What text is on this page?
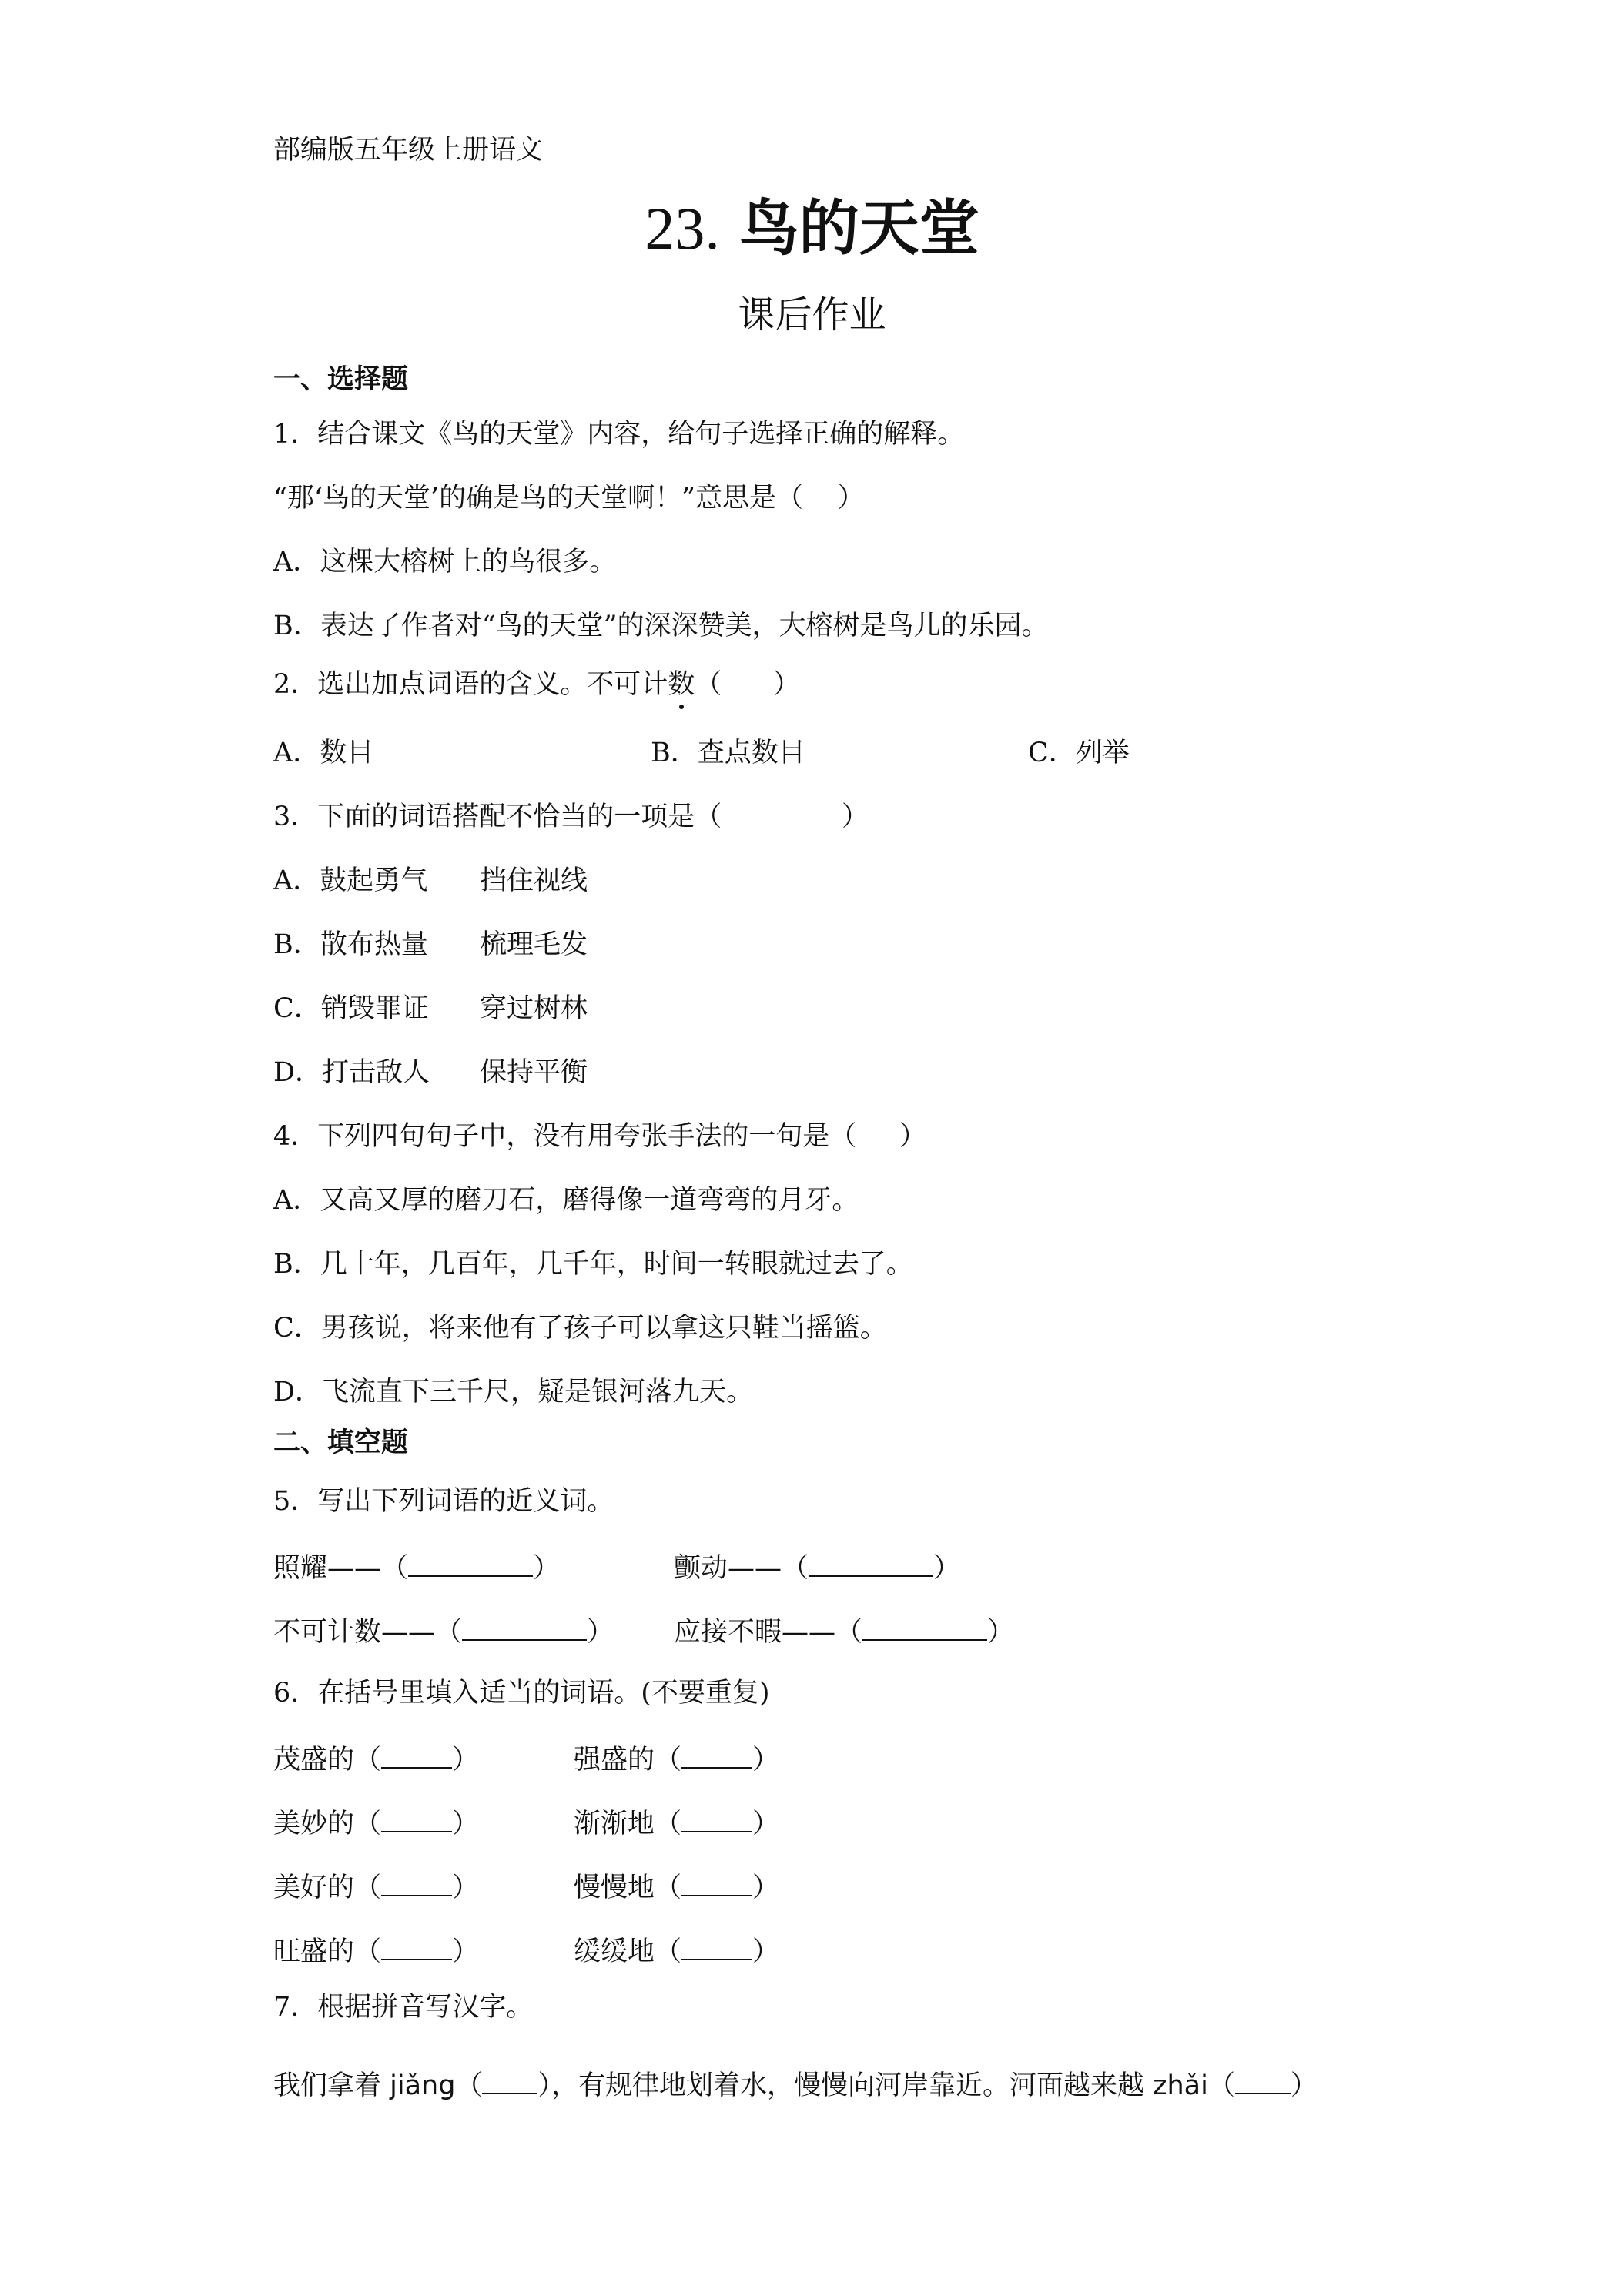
部编版五年级上册语文
23. 鸟的天堂
课后作业
一、选择题
1．结合课文《鸟的天堂》内容，给句子选择正确的解释。
“那‘鸟的天堂’的确是鸟的天堂啊！”意思是（    ）
A．这棵大榕树上的鸟很多。
B．表达了作者对“鸟的天堂”的深深赞美，大榕树是鸟儿的乐园。
2．选出加点词语的含义。不可计数（      ）
A．数目	B．查点数目	C．列举
3．下面的词语搭配不恰当的一项是（              ）
A．鼓起勇气 挡住视线
B．散布热量 梳理毛发
C．销毁罪证 穿过树林
D．打击敌人 保持平衡
4．下列四句句子中，没有用夸张手法的一句是（     ）
A．又高又厚的磨刀石，磨得像一道弯弯的月牙。
B．几十年，几百年，几千年，时间一转眼就过去了。
C．男孩说，将来他有了孩子可以拿这只鞋当摇篮。
D．飞流直下三千尺，疑是银河落九天。
二、填空题
5．写出下列词语的近义词。
照耀——（	）	颤动——（	）
不可计数——（	） 应接不暇——（	）
6．在括号里填入适当的词语。(不要重复)
茂盛的（	）	强盛的（	）
美妙的（	）	渐渐地（	）
美好的（	）	慢慢地（	）
旺盛的（	）	缓缓地（	）
7．根据拼音写汉字。
我们拿着 jiǎng（ ），有规律地划着水，慢慢向河岸靠近。河面越来越 zhǎi（ ）
